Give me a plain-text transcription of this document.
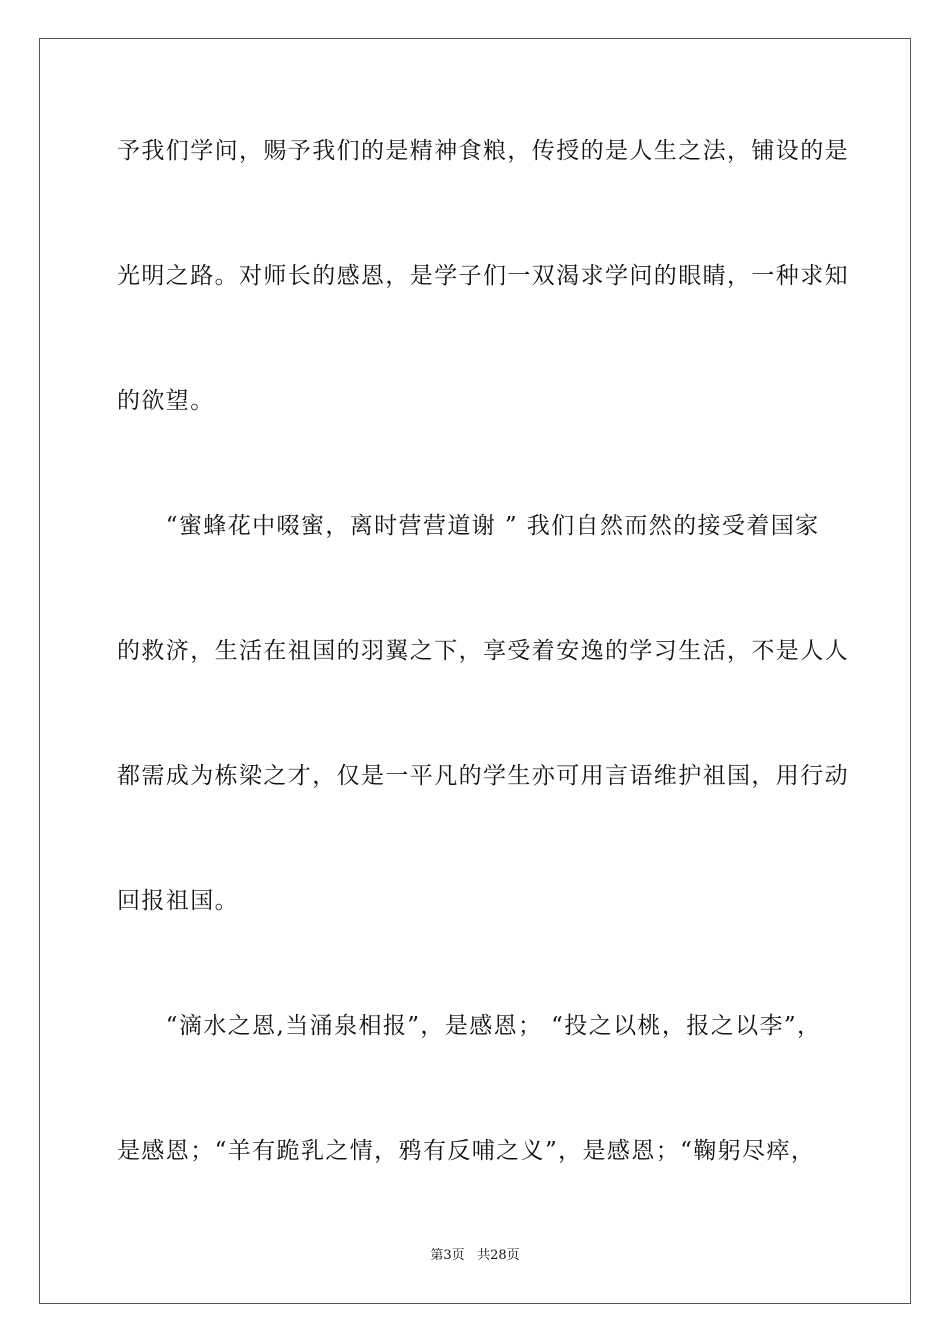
予我们学问，赐予我们的是精神食粮，传授的是人生之法，铺设的是
光明之路。对师长的感恩，是学子们一双渴求学问的眼睛，一种求知
的欲望。
　　“蜜蜂花中啜蜜，离时营营道谢 ” 我们自然而然的接受着国家
的救济，生活在祖国的羽翼之下，享受着安逸的学习生活，不是人人
都需成为栋梁之才，仅是一平凡的学生亦可用言语维护祖国，用行动
回报祖国。
　　“滴水之恩,当涌泉相报”，是感恩； “投之以桃，报之以李”，
是感恩；“羊有跪乳之情，鸦有反哺之义”，是感恩；“鞠躬尽瘁，
第3页 共28页
